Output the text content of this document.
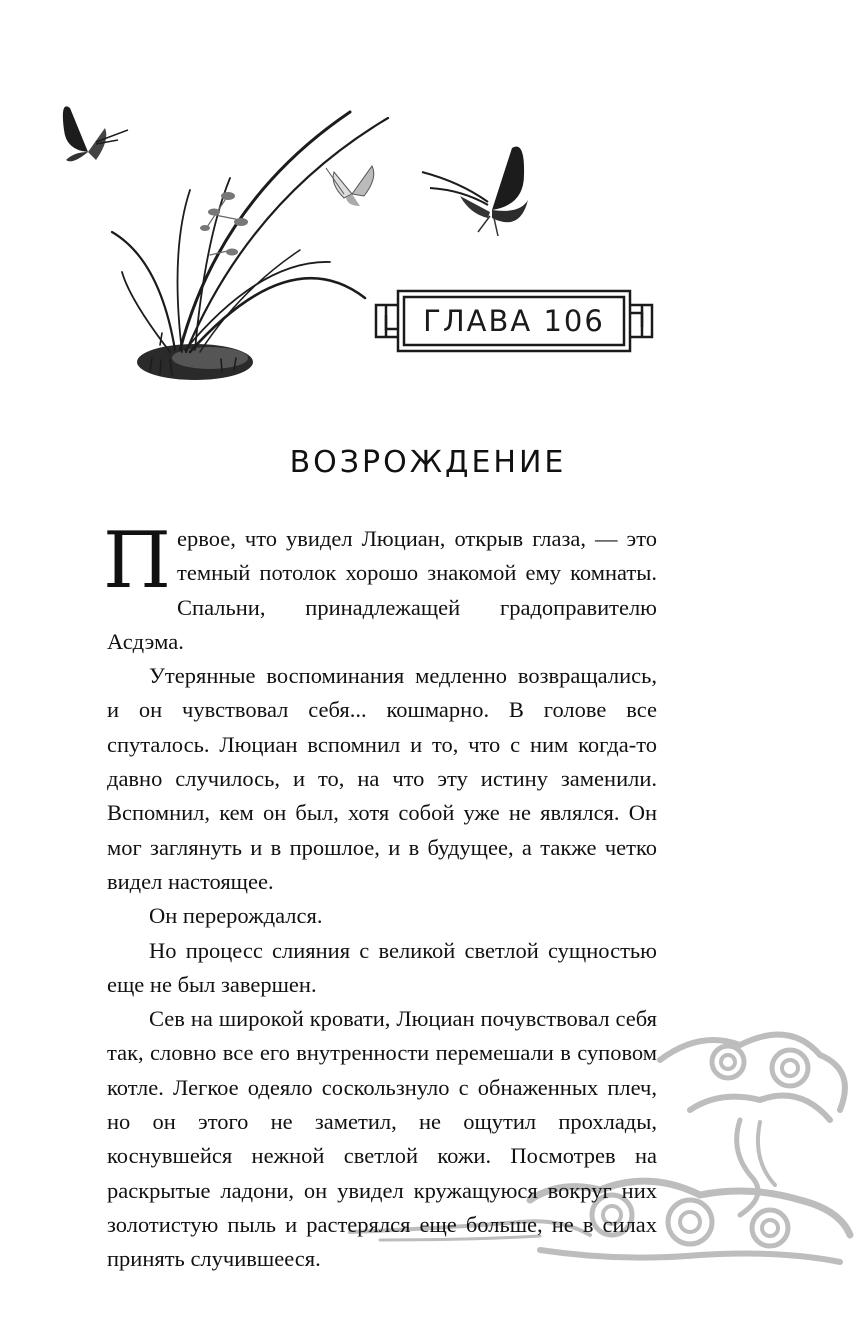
ГЛАВА 106
ВОЗРОЖДЕНИЕ

Первое, что увидел Люциан, открыв глаза, — это темный потолок хорошо знакомой ему комнаты. Спальни, принадлежащей градоправителю Асдэма.

Утерянные воспоминания медленно возвращались, и он чувствовал себя... кошмарно. В голове все спуталось. Люциан вспомнил и то, что с ним когда-то давно случилось, и то, на что эту истину заменили. Вспомнил, кем он был, хотя собой уже не являлся. Он мог заглянуть и в прошлое, и в будущее, а также четко видел настоящее.

Он перерождался.

Но процесс слияния с великой светлой сущностью еще не был завершен.

Сев на широкой кровати, Люциан почувствовал себя так, словно все его внутренности перемешали в суповом котле. Легкое одеяло соскользнуло с обнаженных плеч, но он этого не заметил, не ощутил прохлады, коснувшейся нежной светлой кожи. Посмотрев на раскрытые ладони, он увидел кружащуюся вокруг них золотистую пыль и растерялся еще больше, не в силах принять случившееся.
